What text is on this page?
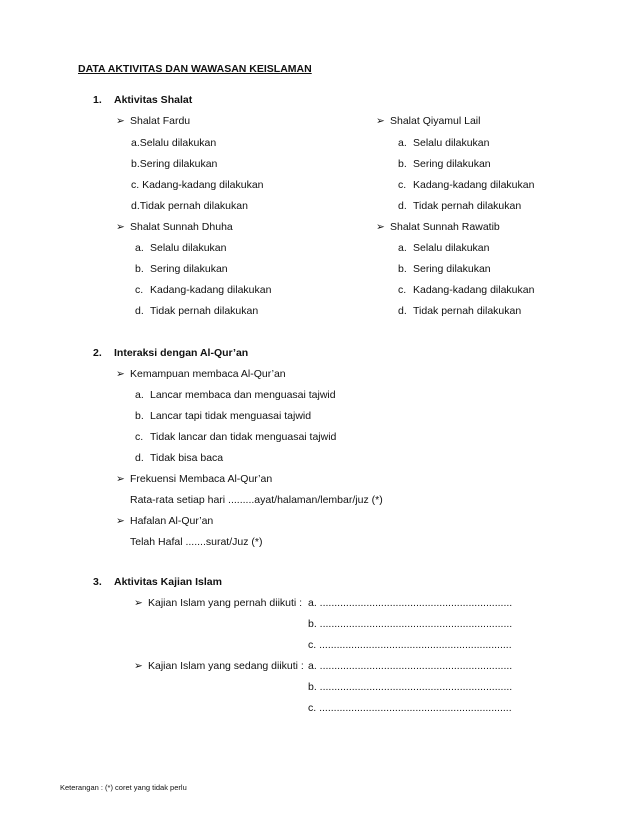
DATA AKTIVITAS DAN WAWASAN KEISLAMAN
1. Aktivitas Shalat
➢ Shalat Fardu
a.Selalu dilakukan
b.Sering dilakukan
c. Kadang-kadang dilakukan
d.Tidak pernah dilakukan
➢ Shalat Sunnah Dhuha
a. Selalu dilakukan
b. Sering dilakukan
c. Kadang-kadang dilakukan
d. Tidak pernah dilakukan
➢ Shalat Qiyamul Lail
a. Selalu dilakukan
b. Sering dilakukan
c. Kadang-kadang dilakukan
d. Tidak pernah dilakukan
➢ Shalat Sunnah Rawatib
a. Selalu dilakukan
b. Sering dilakukan
c. Kadang-kadang dilakukan
d. Tidak pernah dilakukan
2. Interaksi dengan Al-Qur’an
➢ Kemampuan membaca Al-Qur’an
a. Lancar membaca dan menguasai tajwid
b. Lancar tapi tidak menguasai tajwid
c. Tidak lancar dan tidak menguasai tajwid
d. Tidak bisa baca
➢ Frekuensi Membaca Al-Qur’an
Rata-rata setiap hari .........ayat/halaman/lembar/juz (*)
➢ Hafalan Al-Qur’an
Telah Hafal .......surat/Juz (*)
3. Aktivitas Kajian Islam
➢ Kajian Islam yang pernah diikuti : a. ..................................................................
b. ..................................................................
c. ..................................................................
➢ Kajian Islam yang sedang diikuti : a. ..................................................................
b. ..................................................................
c. ..................................................................
Keterangan : (*) coret yang tidak perlu
